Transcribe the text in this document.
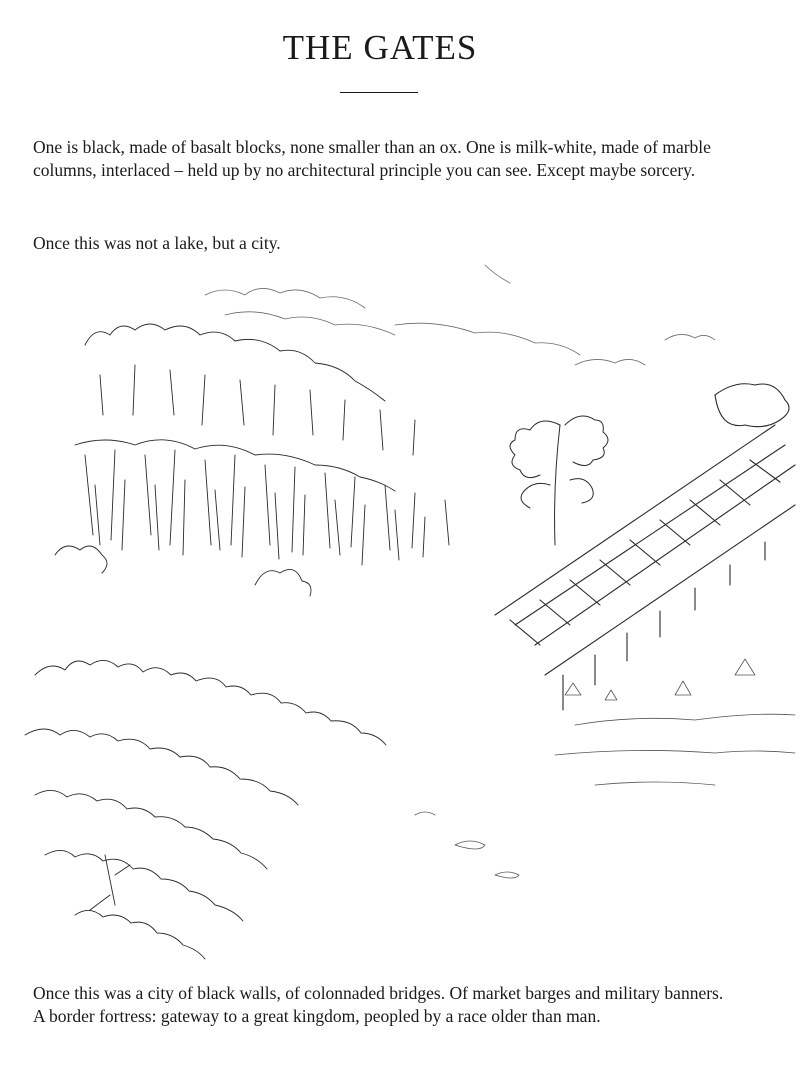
THE GATES

One is black, made of basalt blocks, none smaller than an ox. One is milk-white, made of marble columns, interlaced – held up by no architectural principle you can see. Except maybe sorcery.

Once this was not a lake, but a city.

Once this was a city of black walls, of colonnaded bridges. Of market barges and military banners. A border fortress: gateway to a great kingdom, peopled by a race older than man.
